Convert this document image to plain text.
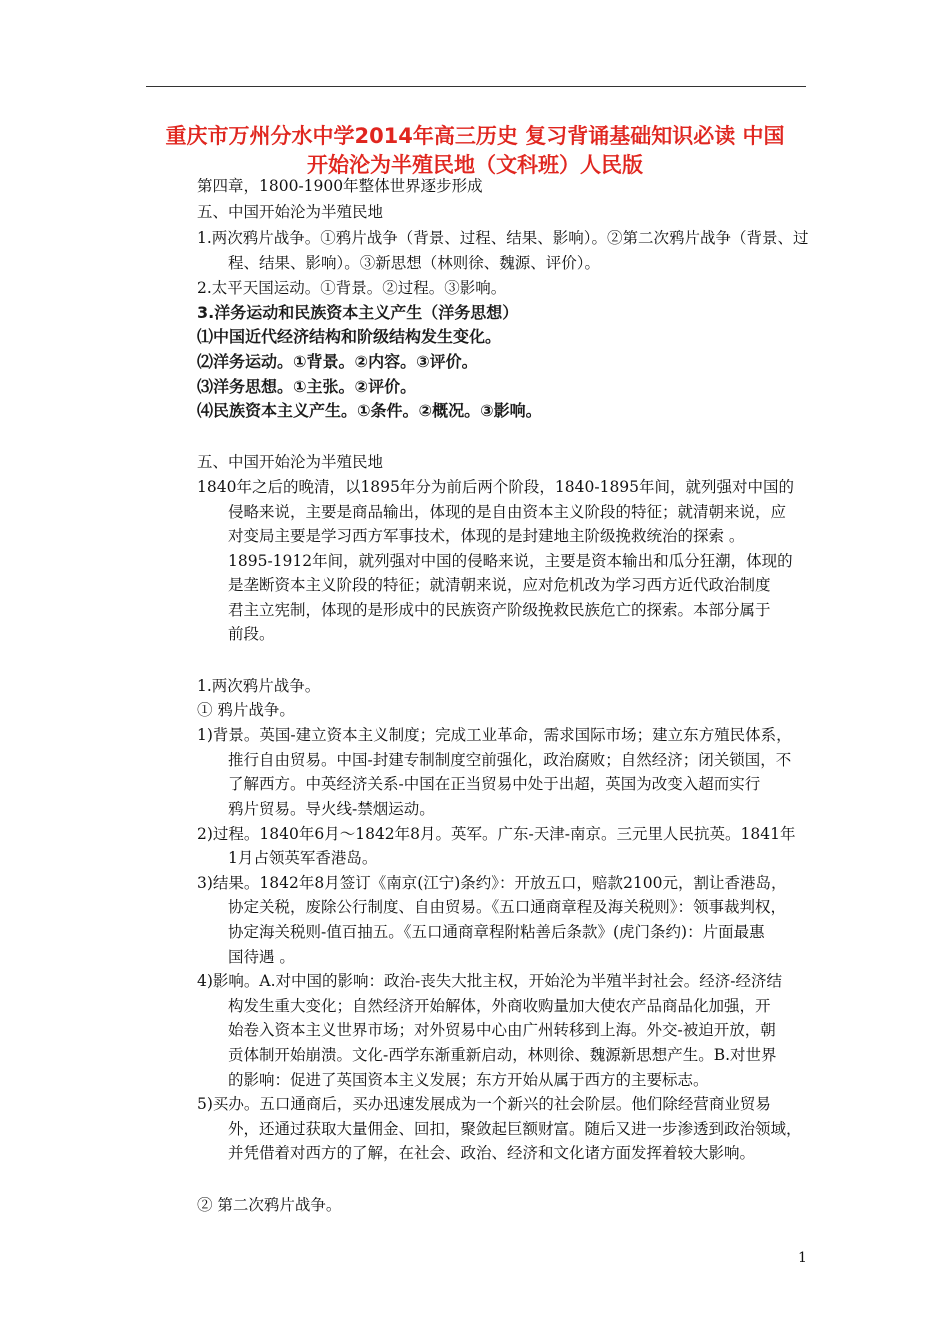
重庆市万州分水中学2014年高三历史 复习背诵基础知识必读 中国
开始沦为半殖民地（文科班）人民版
第四章，1800-1900年整体世界逐步形成
五、中国开始沦为半殖民地
1.两次鸦片战争。①鸦片战争（背景、过程、结果、影响）。②第二次鸦片战争（背景、过
程、结果、影响）。③新思想（林则徐、魏源、评价）。
2.太平天国运动。①背景。②过程。③影响。
3.洋务运动和民族资本主义产生（洋务思想）
⑴中国近代经济结构和阶级结构发生变化。
⑵洋务运动。①背景。②内容。③评价。
⑶洋务思想。①主张。②评价。
⑷民族资本主义产生。①条件。②概况。③影响。
五、中国开始沦为半殖民地
1840年之后的晚清，以1895年分为前后两个阶段，1840-1895年间，就列强对中国的
侵略来说，主要是商品输出，体现的是自由资本主义阶段的特征；就清朝来说，应
对变局主要是学习西方军事技术，体现的是封建地主阶级挽救统治的探索 。
1895-1912年间，就列强对中国的侵略来说，主要是资本输出和瓜分狂潮，体现的
是垄断资本主义阶段的特征；就清朝来说，应对危机改为学习西方近代政治制度
君主立宪制，体现的是形成中的民族资产阶级挽救民族危亡的探索。本部分属于
前段。
1.两次鸦片战争。
① 鸦片战争。
1)背景。英国-建立资本主义制度；完成工业革命，需求国际市场；建立东方殖民体系，
推行自由贸易。中国-封建专制制度空前强化，政治腐败；自然经济；闭关锁国，不
了解西方。中英经济关系-中国在正当贸易中处于出超，英国为改变入超而实行
鸦片贸易。导火线-禁烟运动。
2)过程。1840年6月～1842年8月。英军。广东-天津-南京。三元里人民抗英。1841年
1月占领英军香港岛。
3)结果。1842年8月签订《南京(江宁)条约》：开放五口，赔款2100元，割让香港岛，
协定关税，废除公行制度、自由贸易。《五口通商章程及海关税则》：领事裁判权，
协定海关税则-值百抽五。《五口通商章程附粘善后条款》(虎门条约)：片面最惠
国待遇 。
4)影响。A.对中国的影响：政治-丧失大批主权，开始沦为半殖半封社会。经济-经济结
构发生重大变化；自然经济开始解体，外商收购量加大使农产品商品化加强，开
始卷入资本主义世界市场；对外贸易中心由广州转移到上海。外交-被迫开放，朝
贡体制开始崩溃。文化-西学东渐重新启动，林则徐、魏源新思想产生。B.对世界
的影响：促进了英国资本主义发展；东方开始从属于西方的主要标志。
5)买办。五口通商后，买办迅速发展成为一个新兴的社会阶层。他们除经营商业贸易
外，还通过获取大量佣金、回扣，聚敛起巨额财富。随后又进一步渗透到政治领域，
并凭借着对西方的了解，在社会、政治、经济和文化诸方面发挥着较大影响。
② 第二次鸦片战争。
1
